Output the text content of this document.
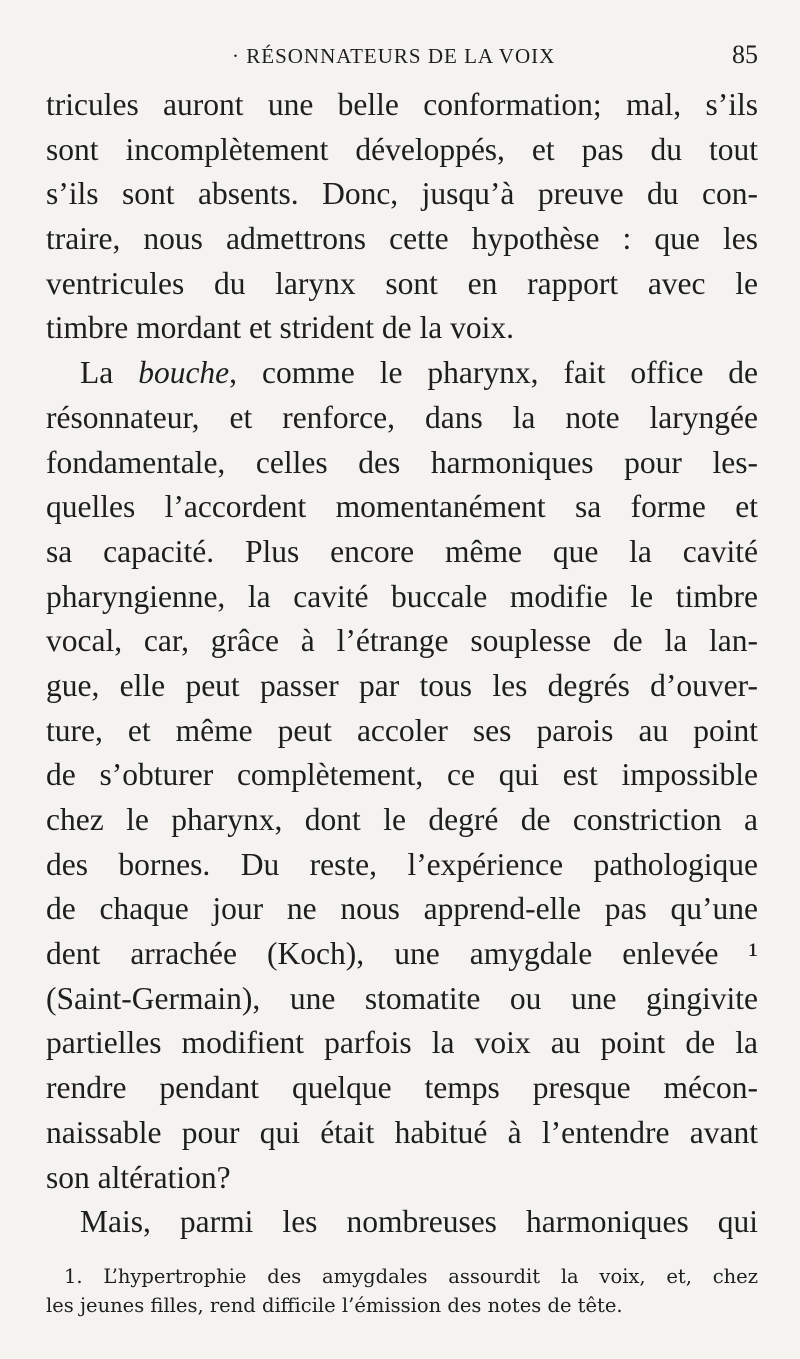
· RÉSONNATEURS DE LA VOIX	85
tricules auront une belle conformation; mal, s’ils
sont incomplètement développés, et pas du tout
s’ils sont absents. Donc, jusqu’à preuve du con-
traire, nous admettrons cette hypothèse : que les
ventricules du larynx sont en rapport avec le
timbre mordant et strident de la voix.
La bouche, comme le pharynx, fait office de
résonnateur, et renforce, dans la note laryngée
fondamentale, celles des harmoniques pour les-
quelles l’accordent momentanément sa forme et
sa capacité. Plus encore même que la cavité
pharyngienne, la cavité buccale modifie le timbre
vocal, car, grâce à l’étrange souplesse de la lan-
gue, elle peut passer par tous les degrés d’ouver-
ture, et même peut accoler ses parois au point
de s’obturer complètement, ce qui est impossible
chez le pharynx, dont le degré de constriction a
des bornes. Du reste, l’expérience pathologique
de chaque jour ne nous apprend-elle pas qu’une
dent arrachée (Koch), une amygdale enlevée ¹
(Saint-Germain), une stomatite ou une gingivite
partielles modifient parfois la voix au point de la
rendre pendant quelque temps presque mécon-
naissable pour qui était habitué à l’entendre avant
son altération?
Mais, parmi les nombreuses harmoniques qui
1. L’hypertrophie des amygdales assourdit la voix, et, chez
les jeunes filles, rend difficile l’émission des notes de tête.
